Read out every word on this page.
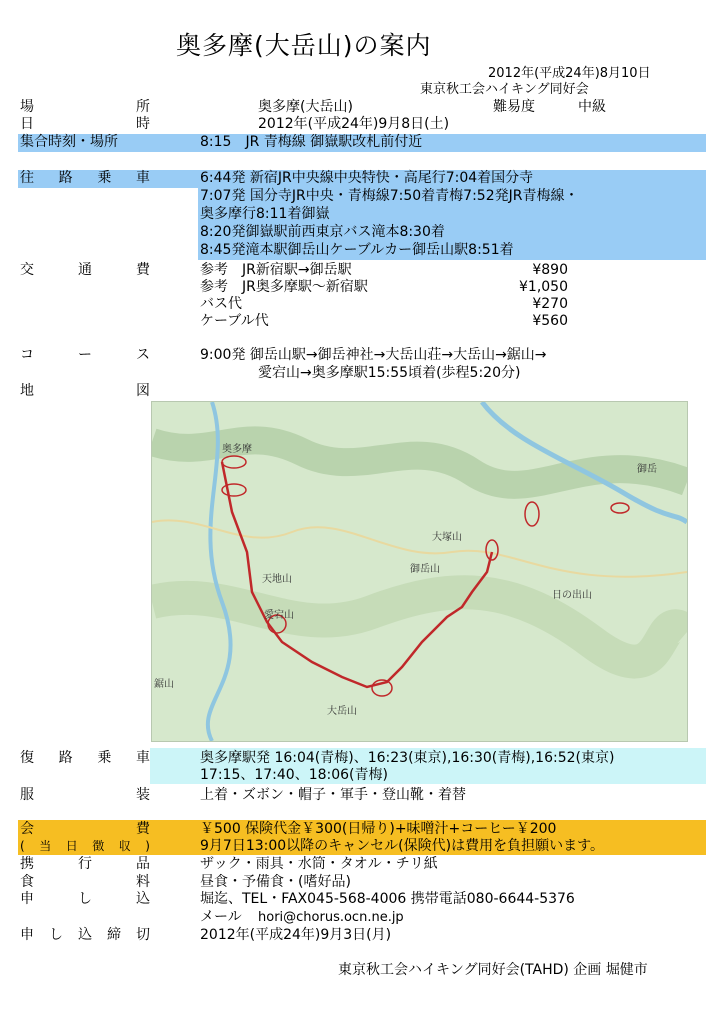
奥多摩(大岳山)の案内
2012年(平成24年)8月10日
東京秋工会ハイキング同好会
場	所	奥多摩(大岳山)	難易度	中級
日	時	2012年(平成24年)9月8日(土)
集合時刻・場所	8:15　JR 青梅線 御嶽駅改札前付近
往 路 乗 車	6:44発 新宿JR中央線中央特快・高尾行7:04着国分寺
7:07発 国分寺JR中央・青梅線7:50着青梅7:52発JR青梅線・
奥多摩行8:11着御嶽
8:20発御嶽駅前西東京バス滝本8:30着
8:45発滝本駅御岳山ケーブルカー御岳山駅8:51着
交	通	費	参考　JR新宿駅→御岳駅	¥890
参考　JR奥多摩駅～新宿駅	¥1,050
バス代	¥270
ケーブル代	¥560
コ	ー	ス	9:00発 御岳山駅→御岳神社→大岳山荘→大岳山→鋸山→
愛宕山→奥多摩駅15:55頃着(歩程5:20分)
地	図
天地山
御岳山
大岳山
大塚山
鋸山
愛宕山
日の出山
御岳
奥多摩
復 路 乗 車	奥多摩駅発 16:04(青梅)、16:23(東京),16:30(青梅),16:52(東京)
17:15、17:40、18:06(青梅)
服	装	上着・ズボン・帽子・軍手・登山靴・着替
会	費	￥500 保険代金￥300(日帰り)+味噌汁+コーヒー￥200
( 当 日 徴 収 )	9月7日13:00以降のキャンセル(保険代)は費用を負担願います。
携	行	品	ザック・雨具・水筒・タオル・チリ紙
食	料	昼食・予備食・(嗜好品)
申	し	込	堀迄、TEL・FAX045-568-4006 携帯電話080-6644-5376
メール hori@chorus.ocn.ne.jp
申 し 込 締 切	2012年(平成24年)9月3日(月)
東京秋工会ハイキング同好会(TAHD) 企画 堀健市
